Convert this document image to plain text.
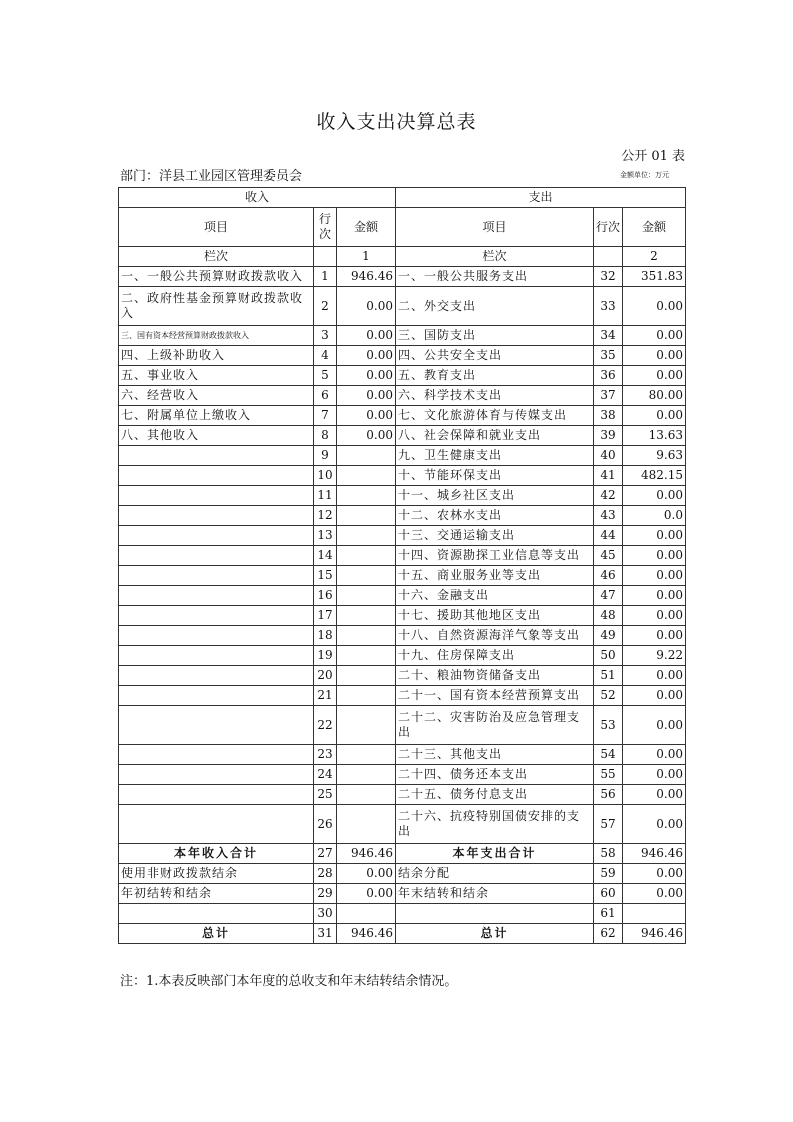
收入支出决算总表
公开 01 表
部门：洋县工业园区管理委员会	金额单位：万元
收入			支出		
项目	行次	金额	项目	行次	金额
栏次		1	栏次		2
一、一般公共预算财政拨款收入	1	946.46	一、一般公共服务支出	32	351.83
二、政府性基金预算财政拨款收入	2	0.00	二、外交支出	33	0.00
三、国有资本经营预算财政拨款收入	3	0.00	三、国防支出	34	0.00
四、上级补助收入	4	0.00	四、公共安全支出	35	0.00
五、事业收入	5	0.00	五、教育支出	36	0.00
六、经营收入	6	0.00	六、科学技术支出	37	80.00
七、附属单位上缴收入	7	0.00	七、文化旅游体育与传媒支出	38	0.00
八、其他收入	8	0.00	八、社会保障和就业支出	39	13.63
	9		九、卫生健康支出	40	9.63
	10		十、节能环保支出	41	482.15
	11		十一、城乡社区支出	42	0.00
	12		十二、农林水支出	43	0.0
	13		十三、交通运输支出	44	0.00
	14		十四、资源勘探工业信息等支出	45	0.00
	15		十五、商业服务业等支出	46	0.00
	16		十六、金融支出	47	0.00
	17		十七、援助其他地区支出	48	0.00
	18		十八、自然资源海洋气象等支出	49	0.00
	19		十九、住房保障支出	50	9.22
	20		二十、粮油物资储备支出	51	0.00
	21		二十一、国有资本经营预算支出	52	0.00
	22		二十二、灾害防治及应急管理支出	53	0.00
	23		二十三、其他支出	54	0.00
	24		二十四、债务还本支出	55	0.00
	25		二十五、债务付息支出	56	0.00
	26		二十六、抗疫特别国债安排的支出	57	0.00
本年收入合计	27	946.46	本年支出合计	58	946.46
使用非财政拨款结余	28	0.00	结余分配	59	0.00
年初结转和结余	29	0.00	年末结转和结余	60	0.00
	30			61	
总计	31	946.46	总计	62	946.46
注：1.本表反映部门本年度的总收支和年末结转结余情况。
